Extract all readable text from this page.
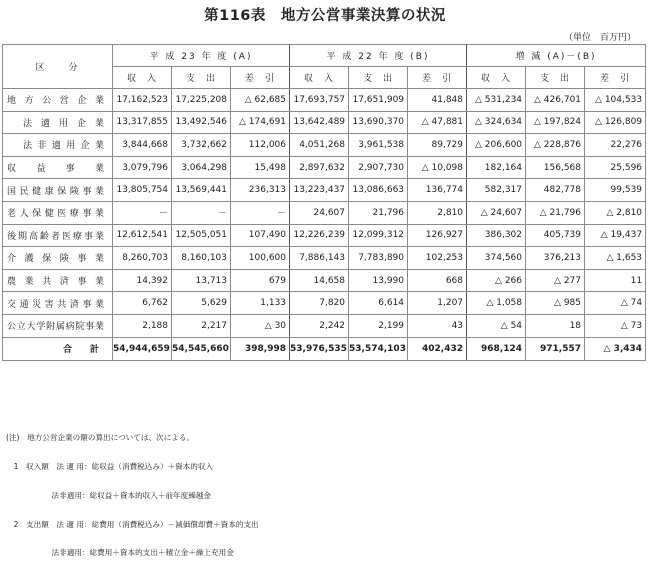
第116表　地方公営事業決算の状況
（単位　百万円）
区　　分	平 成 23 年 度 (A)			平 成 22 年 度 (B)			増 減 (A)－(B)		
	収　入	支　出	差　引	収　入	支　出	差　引	収　入	支　出	差　引

地方公営企業	17,162,523	17,225,208	△ 62,685	17,693,757	17,651,909	41,848	△ 531,234	△ 426,701	△ 104,533

法適用企業	13,317,855	13,492,546	△ 174,691	13,642,489	13,690,370	△ 47,881	△ 324,634	△ 197,824	△ 126,809

法非適用企業	3,844,668	3,732,662	112,006	4,051,268	3,961,538	89,729	△ 206,600	△ 228,876	22,276

収益事業	3,079,796	3,064,298	15,498	2,897,632	2,907,730	△ 10,098	182,164	156,568	25,596

国民健康保険事業	13,805,754	13,569,441	236,313	13,223,437	13,086,663	136,774	582,317	482,778	99,539

老人保健医療事業	－	－	－	24,607	21,796	2,810	△ 24,607	△ 21,796	△ 2,810

後期高齢者医療事業	12,612,541	12,505,051	107,490	12,226,239	12,099,312	126,927	386,302	405,739	△ 19,437

介護保険事業	8,260,703	8,160,103	100,600	7,886,143	7,783,890	102,253	374,560	376,213	△ 1,653

農業共済事業	14,392	13,713	679	14,658	13,990	668	△ 266	△ 277	11

交通災害共済事業	6,762	5,629	1,133	7,820	6,614	1,207	△ 1,058	△ 985	△ 74

公立大学附属病院事業	2,188	2,217	△ 30	2,242	2,199	43	△ 54	18	△ 73

合　　計	54,944,659	54,545,660	398,998	53,976,535	53,574,103	402,432	968,124	971,557	△ 3,434

(注)　地方公営企業の額の算出については、次による。

　1　収入額　法 適 用：総収益（消費税込み）＋資本的収入

　　　　　　法非適用：総収益＋資本的収入＋前年度繰越金

　2　支出額　法 適 用：総費用（消費税込み）－減価償却費＋資本的支出

　　　　　　法非適用：総費用＋資本的支出＋積立金＋繰上充用金
